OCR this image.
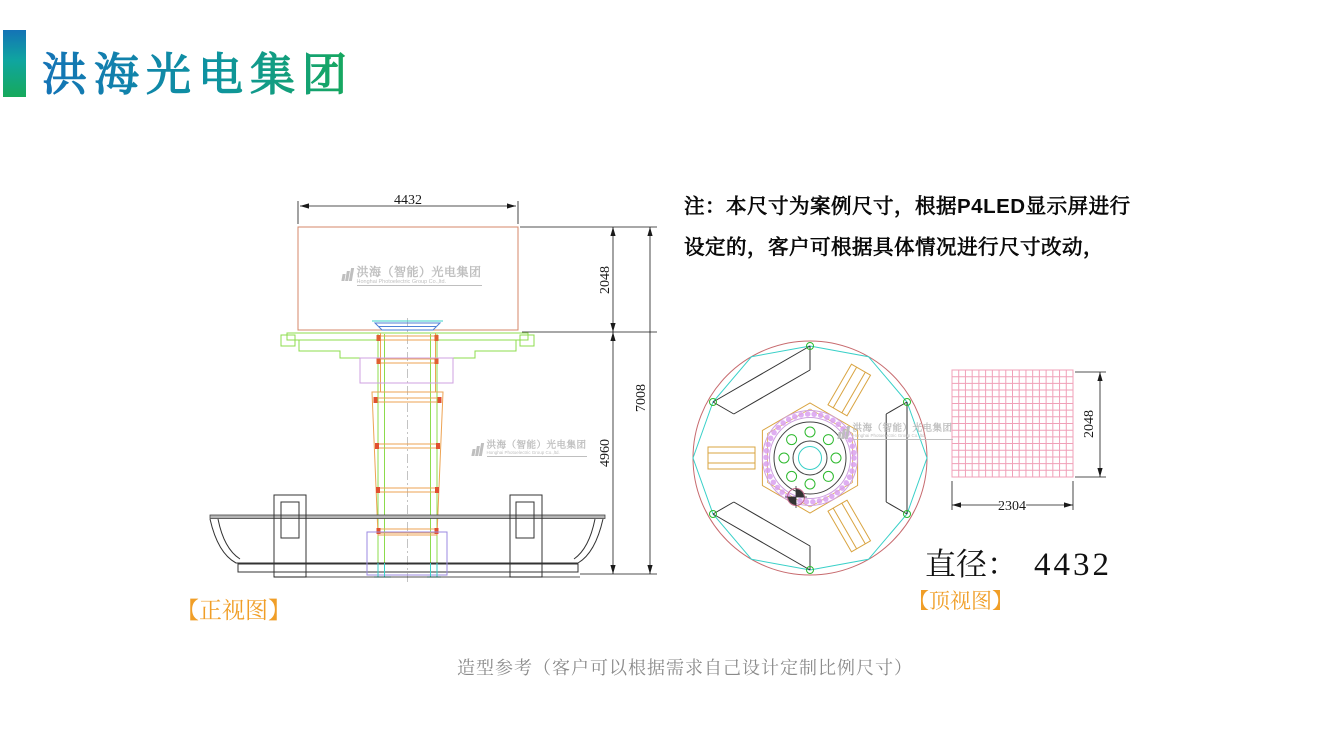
洪海光电集团
注：本尺寸为案例尺寸，根据P4LED显示屏进行
设定的，客户可根据具体情况进行尺寸改动，
4432
2048
4960
7008
2048
2304
洪海（智能）光电集团
Honghai Photoelectric Group Co.,ltd.
洪海（智能）光电集团
Honghai Photoelectric Group Co.,ltd.
洪海（智能）光电集团
Honghai Photoelectric Group Co.,ltd.
【正视图】	【顶视图】
直径： 4432
造型参考（客户可以根据需求自己设计定制比例尺寸）
